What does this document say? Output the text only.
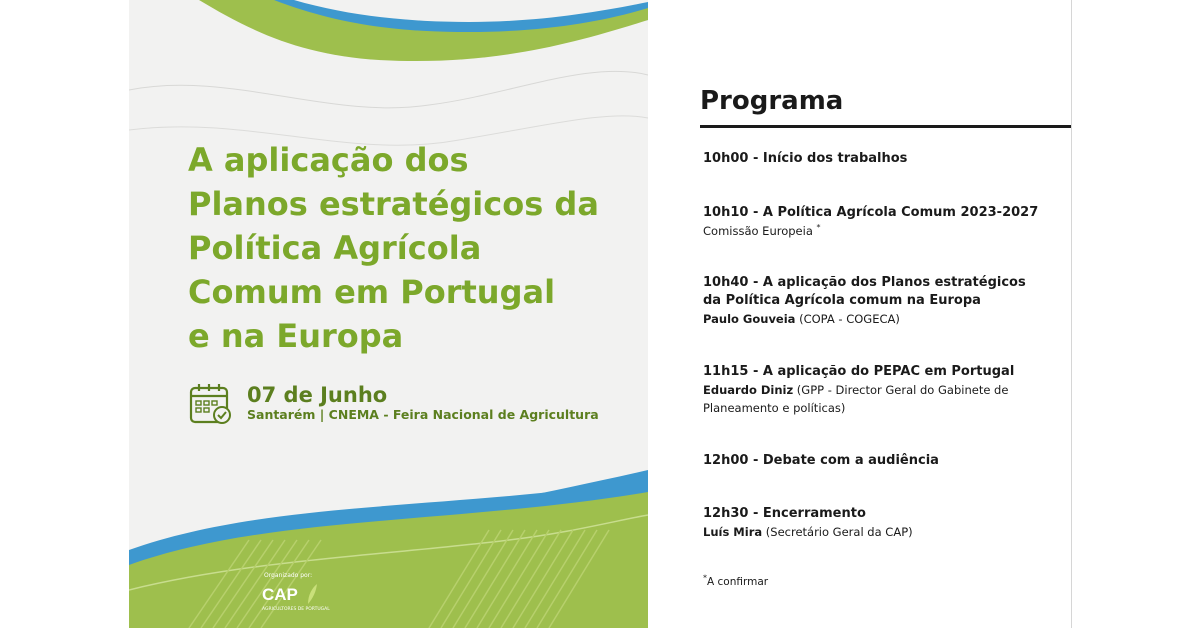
A aplicação dos
Planos estratégicos da
Política Agrícola
Comum em Portugal
e na Europa
07 de Junho
Santarém | CNEMA - Feira Nacional de Agricultura
Organizado por:
CAP
AGRICULTORES DE PORTUGAL
Programa
10h00 - Início dos trabalhos
10h10 - A Política Agrícola Comum 2023-2027
Comissão Europeia *
10h40 - A aplicação dos Planos estratégicos da Política Agrícola comum na Europa
Paulo Gouveia (COPA - COGECA)
11h15 - A aplicação do PEPAC em Portugal
Eduardo Diniz (GPP - Director Geral do Gabinete de Planeamento e políticas)
12h00 - Debate com a audiência
12h30 - Encerramento
Luís Mira (Secretário Geral da CAP)
*A confirmar
